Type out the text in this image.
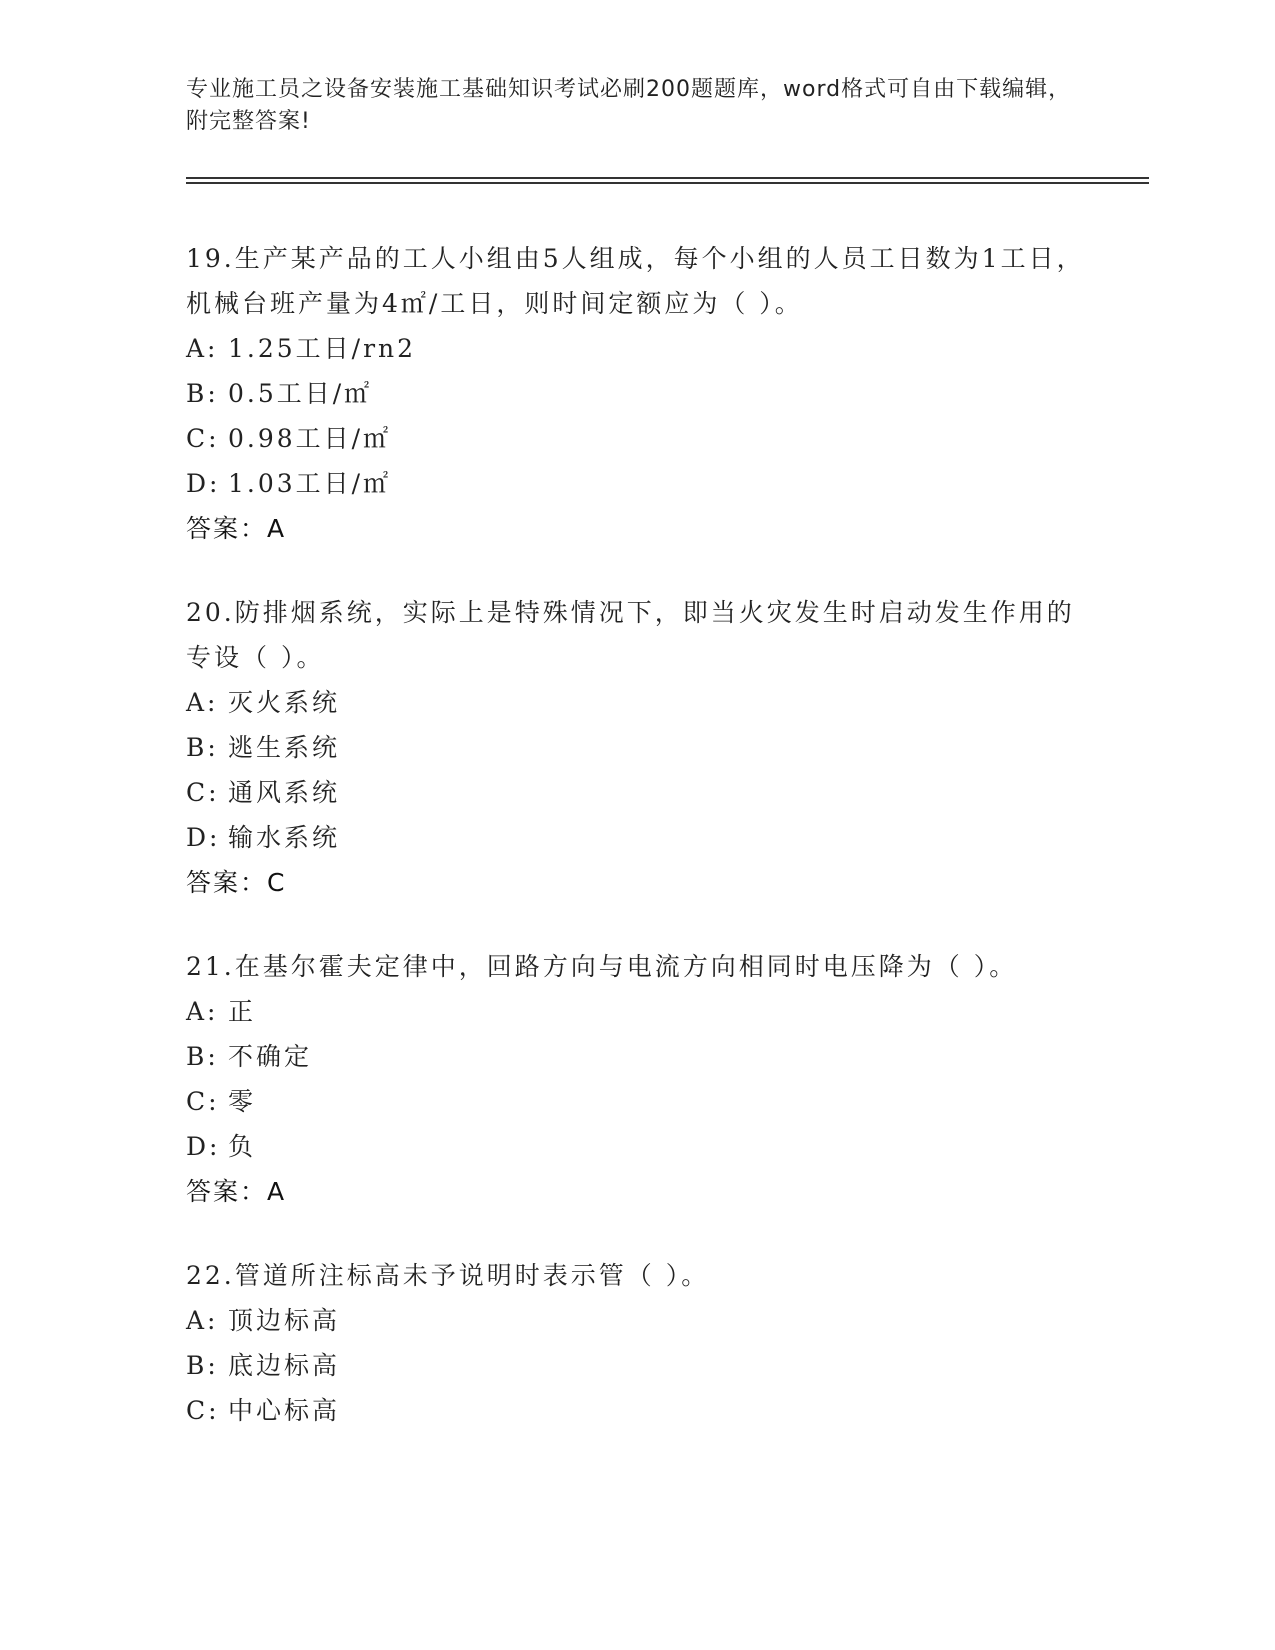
专业施工员之设备安装施工基础知识考试必刷200题题库，word格式可自由下载编辑，附完整答案!
19.生产某产品的工人小组由5人组成，每个小组的人员工日数为1工日，机械台班产量为4㎡/工日，则时间定额应为（ ）。
A: 1.25工日/rn2
B: 0.5工日/㎡
C: 0.98工日/㎡
D: 1.03工日/㎡
答案：A
20.防排烟系统，实际上是特殊情况下，即当火灾发生时启动发生作用的专设（ ）。
A: 灭火系统
B: 逃生系统
C: 通风系统
D: 输水系统
答案：C
21.在基尔霍夫定律中，回路方向与电流方向相同时电压降为（ ）。
A: 正
B: 不确定
C: 零
D: 负
答案：A
22.管道所注标高未予说明时表示管（ ）。
A: 顶边标高
B: 底边标高
C: 中心标高
